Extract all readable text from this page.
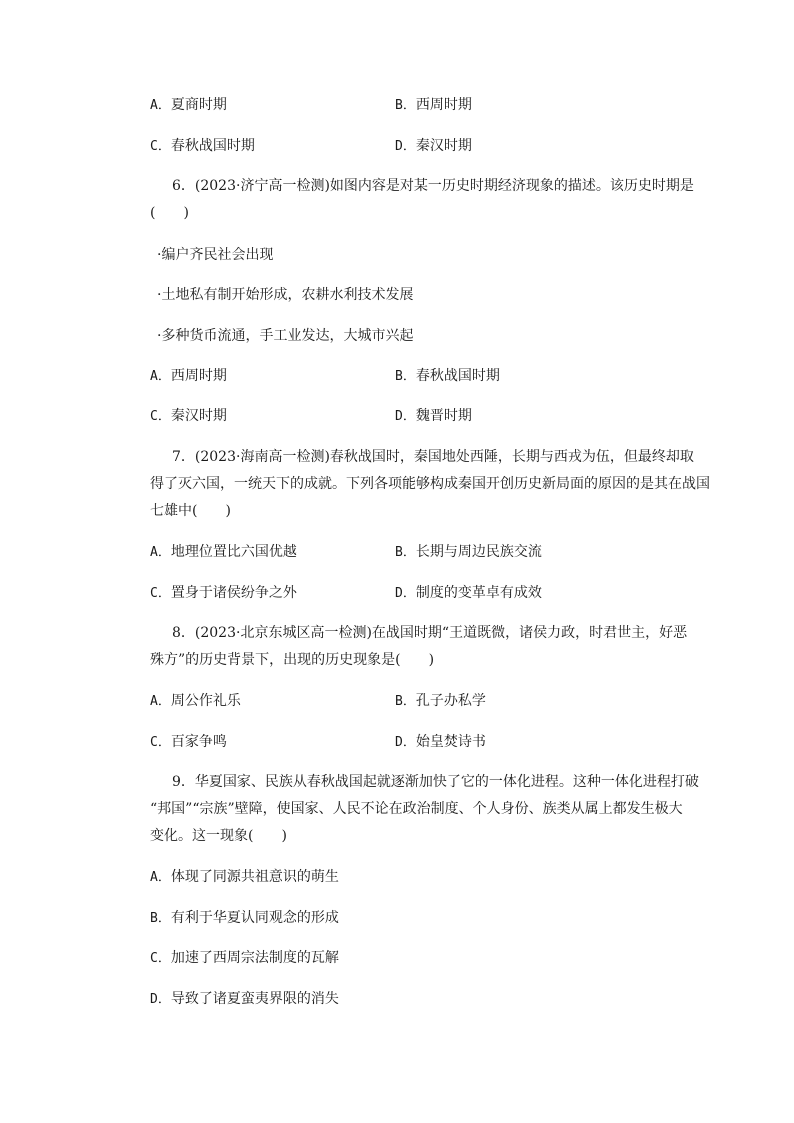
A．夏商时期	B．西周时期
C．春秋战国时期	D．秦汉时期
6．(2023·济宁高一检测)如图内容是对某一历史时期经济现象的描述。该历史时期是
(　　)
·编户齐民社会出现
·土地私有制开始形成，农耕水利技术发展
·多种货币流通，手工业发达，大城市兴起
A．西周时期	B．春秋战国时期
C．秦汉时期	D．魏晋时期
7．(2023·海南高一检测)春秋战国时，秦国地处西陲，长期与西戎为伍，但最终却取
得了灭六国，一统天下的成就。下列各项能够构成秦国开创历史新局面的原因的是其在战国
七雄中(　　)
A．地理位置比六国优越	B．长期与周边民族交流
C．置身于诸侯纷争之外	D．制度的变革卓有成效
8．(2023·北京东城区高一检测)在战国时期“王道既微，诸侯力政，时君世主，好恶
殊方”的历史背景下，出现的历史现象是(　　)
A．周公作礼乐	B．孔子办私学
C．百家争鸣	D．始皇焚诗书
9．华夏国家、民族从春秋战国起就逐渐加快了它的一体化进程。这种一体化进程打破
“邦国”“宗族”壁障，使国家、人民不论在政治制度、个人身份、族类从属上都发生极大
变化。这一现象(　　)
A．体现了同源共祖意识的萌生
B．有利于华夏认同观念的形成
C．加速了西周宗法制度的瓦解
D．导致了诸夏蛮夷界限的消失
